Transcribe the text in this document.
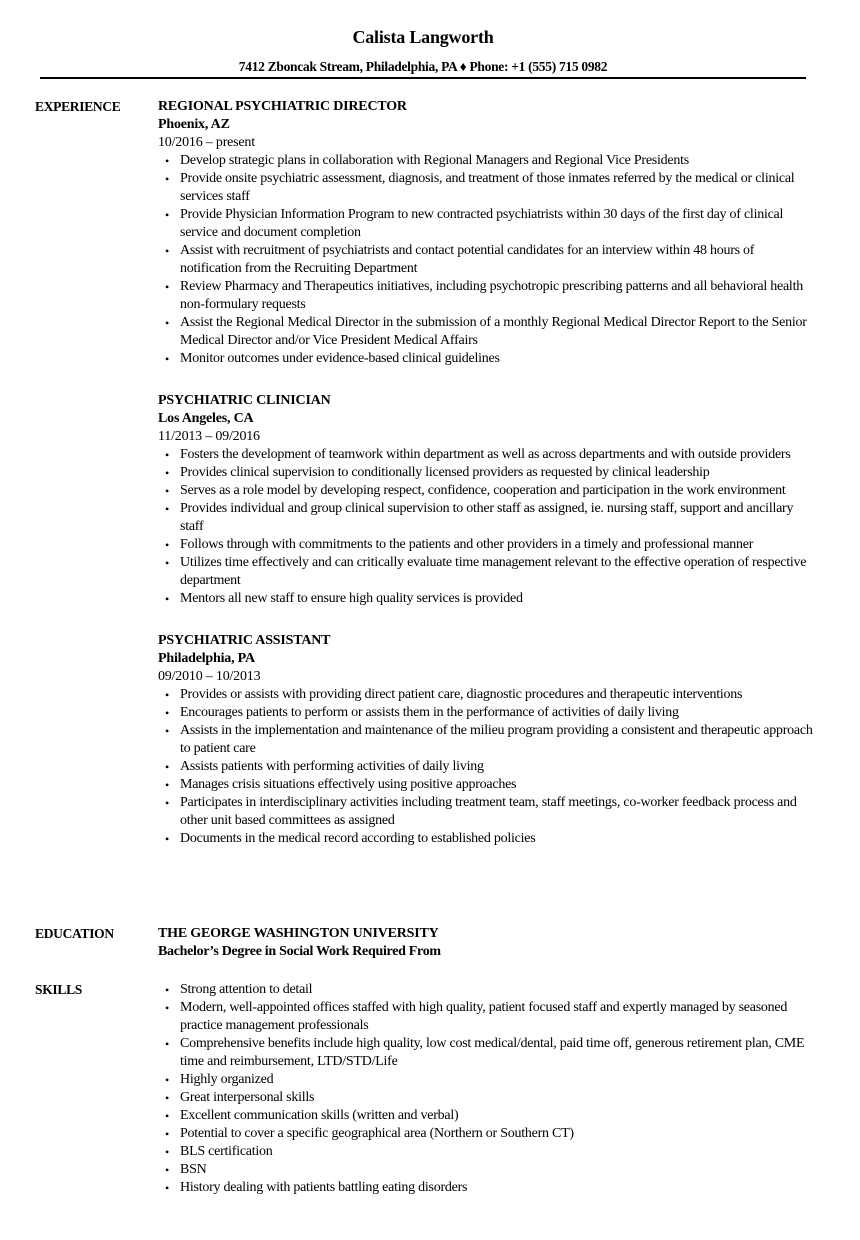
Calista Langworth
7412 Zboncak Stream, Philadelphia, PA ♦ Phone: +1 (555) 715 0982
EXPERIENCE	REGIONAL PSYCHIATRIC DIRECTOR
Phoenix, AZ
10/2016 – present
• Develop strategic plans in collaboration with Regional Managers and Regional Vice Presidents
• Provide onsite psychiatric assessment, diagnosis, and treatment of those inmates referred by the medical or clinical services staff
• Provide Physician Information Program to new contracted psychiatrists within 30 days of the first day of clinical service and document completion
• Assist with recruitment of psychiatrists and contact potential candidates for an interview within 48 hours of notification from the Recruiting Department
• Review Pharmacy and Therapeutics initiatives, including psychotropic prescribing patterns and all behavioral health non-formulary requests
• Assist the Regional Medical Director in the submission of a monthly Regional Medical Director Report to the Senior Medical Director and/or Vice President Medical Affairs
• Monitor outcomes under evidence-based clinical guidelines
PSYCHIATRIC CLINICIAN
Los Angeles, CA
11/2013 – 09/2016
• Fosters the development of teamwork within department as well as across departments and with outside providers
• Provides clinical supervision to conditionally licensed providers as requested by clinical leadership
• Serves as a role model by developing respect, confidence, cooperation and participation in the work environment
• Provides individual and group clinical supervision to other staff as assigned, ie. nursing staff, support and ancillary staff
• Follows through with commitments to the patients and other providers in a timely and professional manner
• Utilizes time effectively and can critically evaluate time management relevant to the effective operation of respective department
• Mentors all new staff to ensure high quality services is provided
PSYCHIATRIC ASSISTANT
Philadelphia, PA
09/2010 – 10/2013
• Provides or assists with providing direct patient care, diagnostic procedures and therapeutic interventions
• Encourages patients to perform or assists them in the performance of activities of daily living
• Assists in the implementation and maintenance of the milieu program providing a consistent and therapeutic approach to patient care
• Assists patients with performing activities of daily living
• Manages crisis situations effectively using positive approaches
• Participates in interdisciplinary activities including treatment team, staff meetings, co-worker feedback process and other unit based committees as assigned
• Documents in the medical record according to established policies
EDUCATION	THE GEORGE WASHINGTON UNIVERSITY
Bachelor’s Degree in Social Work Required From
SKILLS	• Strong attention to detail
• Modern, well-appointed offices staffed with high quality, patient focused staff and expertly managed by seasoned practice management professionals
• Comprehensive benefits include high quality, low cost medical/dental, paid time off, generous retirement plan, CME time and reimbursement, LTD/STD/Life
• Highly organized
• Great interpersonal skills
• Excellent communication skills (written and verbal)
• Potential to cover a specific geographical area (Northern or Southern CT)
• BLS certification
• BSN
• History dealing with patients battling eating disorders
